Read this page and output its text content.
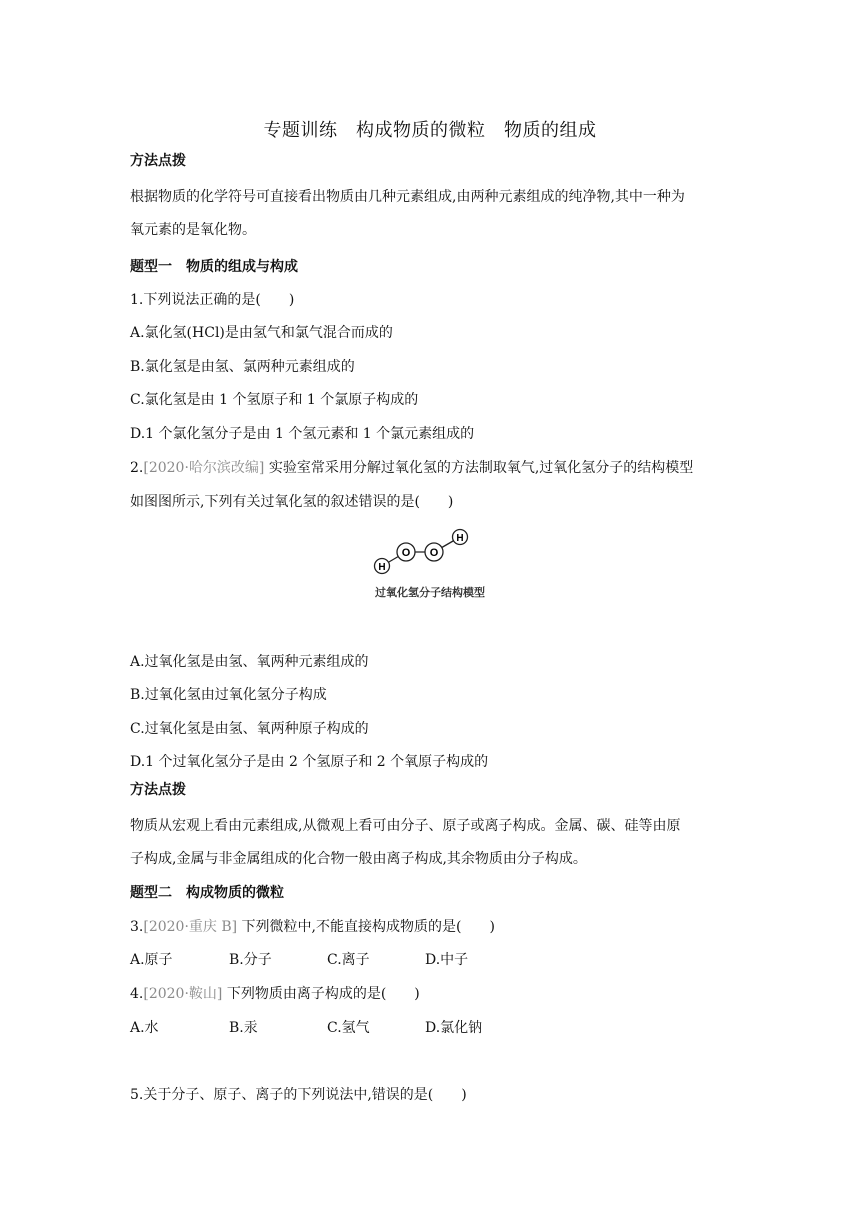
专题训练　构成物质的微粒　物质的组成
方法点拨
根据物质的化学符号可直接看出物质由几种元素组成,由两种元素组成的纯净物,其中一种为
氧元素的是氧化物。
题型一　物质的组成与构成
1.下列说法正确的是(　　)
A.氯化氢(HCl)是由氢气和氯气混合而成的
B.氯化氢是由氢、氯两种元素组成的
C.氯化氢是由 1 个氢原子和 1 个氯原子构成的
D.1 个氯化氢分子是由 1 个氢元素和 1 个氯元素组成的
2.[2020·哈尔滨改编] 实验室常采用分解过氧化氢的方法制取氧气,过氧化氢分子的结构模型
如图图所示,下列有关过氧化氢的叙述错误的是(　　)
H
O O
H
过氧化氢分子结构模型
A.过氧化氢是由氢、氧两种元素组成的
B.过氧化氢由过氧化氢分子构成
C.过氧化氢是由氢、氧两种原子构成的
D.1 个过氧化氢分子是由 2 个氢原子和 2 个氧原子构成的
方法点拨
物质从宏观上看由元素组成,从微观上看可由分子、原子或离子构成。金属、碳、硅等由原
子构成,金属与非金属组成的化合物一般由离子构成,其余物质由分子构成。
题型二　构成物质的微粒
3.[2020·重庆 B] 下列微粒中,不能直接构成物质的是(　　)
A.原子	B.分子	C.离子	D.中子
4.[2020·鞍山] 下列物质由离子构成的是(　　)
A.水	B.汞	C.氢气	D.氯化钠
5.关于分子、原子、离子的下列说法中,错误的是(　　)
